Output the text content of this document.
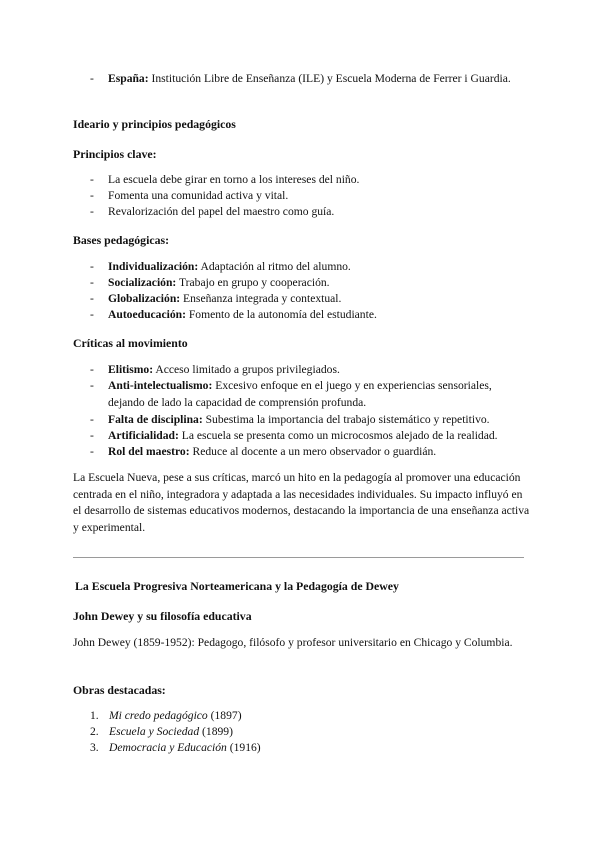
- España: Institución Libre de Enseñanza (ILE) y Escuela Moderna de Ferrer i Guardia.
Ideario y principios pedagógicos
Principios clave:
- La escuela debe girar en torno a los intereses del niño.
- Fomenta una comunidad activa y vital.
- Revalorización del papel del maestro como guía.
Bases pedagógicas:
- Individualización: Adaptación al ritmo del alumno.
- Socialización: Trabajo en grupo y cooperación.
- Globalización: Enseñanza integrada y contextual.
- Autoeducación: Fomento de la autonomía del estudiante.
Críticas al movimiento
- Elitismo: Acceso limitado a grupos privilegiados.
- Anti-intelectualismo: Excesivo enfoque en el juego y en experiencias sensoriales, dejando de lado la capacidad de comprensión profunda.
- Falta de disciplina: Subestima la importancia del trabajo sistemático y repetitivo.
- Artificialidad: La escuela se presenta como un microcosmos alejado de la realidad.
- Rol del maestro: Reduce al docente a un mero observador o guardián.
La Escuela Nueva, pese a sus críticas, marcó un hito en la pedagogía al promover una educación centrada en el niño, integradora y adaptada a las necesidades individuales. Su impacto influyó en el desarrollo de sistemas educativos modernos, destacando la importancia de una enseñanza activa y experimental.
La Escuela Progresiva Norteamericana y la Pedagogía de Dewey
John Dewey y su filosofía educativa
John Dewey (1859-1952): Pedagogo, filósofo y profesor universitario en Chicago y Columbia.
Obras destacadas:
1. Mi credo pedagógico (1897)
2. Escuela y Sociedad (1899)
3. Democracia y Educación (1916)
